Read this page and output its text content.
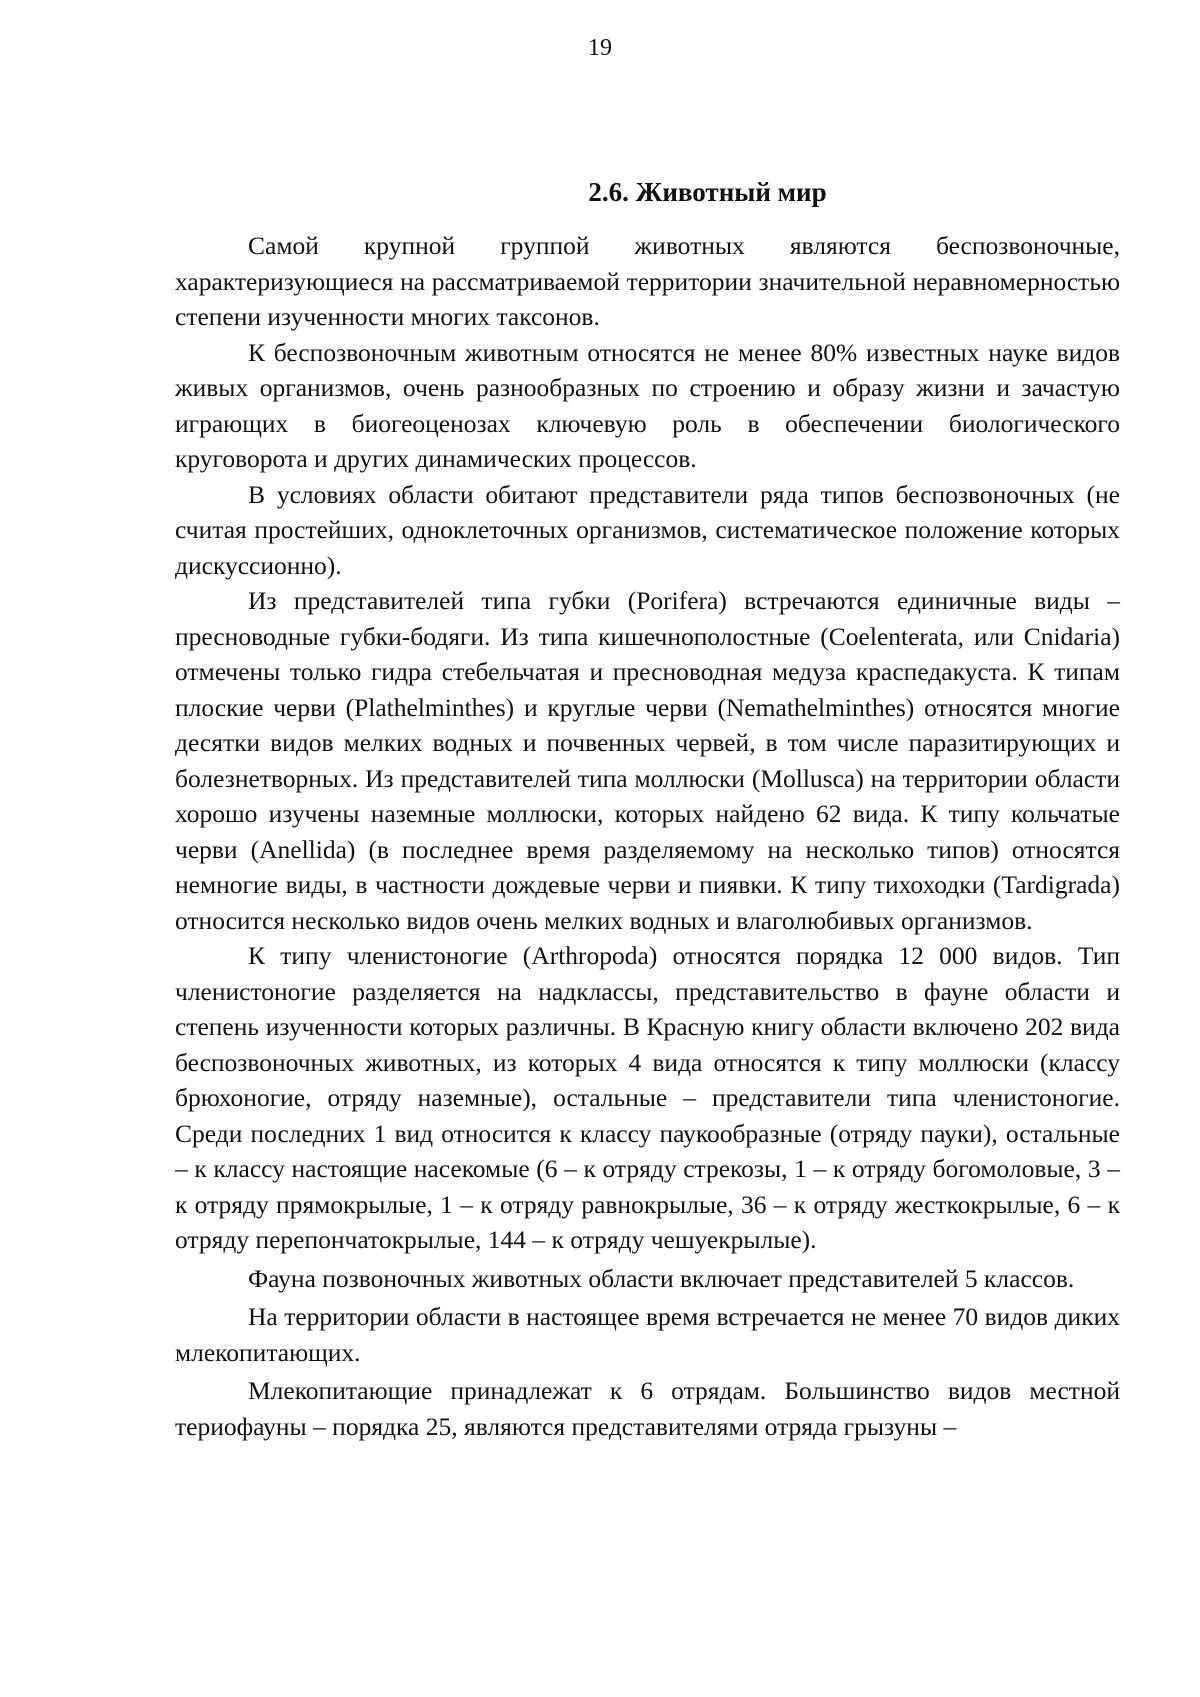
19
2.6. Животный мир

Самой крупной группой животных являются беспозвоночные, характеризующиеся на рассматриваемой территории значительной неравномерностью степени изученности многих таксонов.

К беспозвоночным животным относятся не менее 80% известных науке видов живых организмов, очень разнообразных по строению и образу жизни и зачастую играющих в биогеоценозах ключевую роль в обеспечении биологического круговорота и других динамических процессов.

В условиях области обитают представители ряда типов беспозвоночных (не считая простейших, одноклеточных организмов, систематическое положение которых дискуссионно).

Из представителей типа губки (Porifera) встречаются единичные виды – пресноводные губки-бодяги. Из типа кишечнополостные (Coelenterata, или Cnidaria) отмечены только гидра стебельчатая и пресноводная медуза краспедакуста. К типам плоские черви (Plathelminthes) и круглые черви (Nemathelminthes) относятся многие десятки видов мелких водных и почвенных червей, в том числе паразитирующих и болезнетворных. Из представителей типа моллюски (Mollusca) на территории области хорошо изучены наземные моллюски, которых найдено 62 вида. К типу кольчатые черви (Anellida) (в последнее время разделяемому на несколько типов) относятся немногие виды, в частности дождевые черви и пиявки. К типу тихоходки (Tardigrada) относится несколько видов очень мелких водных и влаголюбивых организмов.

К типу членистоногие (Arthropoda) относятся порядка 12 000 видов. Тип членистоногие разделяется на надклассы, представительство в фауне области и степень изученности которых различны. В Красную книгу области включено 202 вида беспозвоночных животных, из которых 4 вида относятся к типу моллюски (классу брюхоногие, отряду наземные), остальные – представители типа членистоногие. Среди последних 1 вид относится к классу паукообразные (отряду пауки), остальные – к классу настоящие насекомые (6 – к отряду стрекозы, 1 – к отряду богомоловые, 3 – к отряду прямокрылые, 1 – к отряду равнокрылые, 36 – к отряду жесткокрылые, 6 – к отряду перепончатокрылые, 144 – к отряду чешуекрылые).

Фауна позвоночных животных области включает представителей 5 классов.

На территории области в настоящее время встречается не менее 70 видов диких млекопитающих.

Млекопитающие принадлежат к 6 отрядам. Большинство видов местной териофауны – порядка 25, являются представителями отряда грызуны –
